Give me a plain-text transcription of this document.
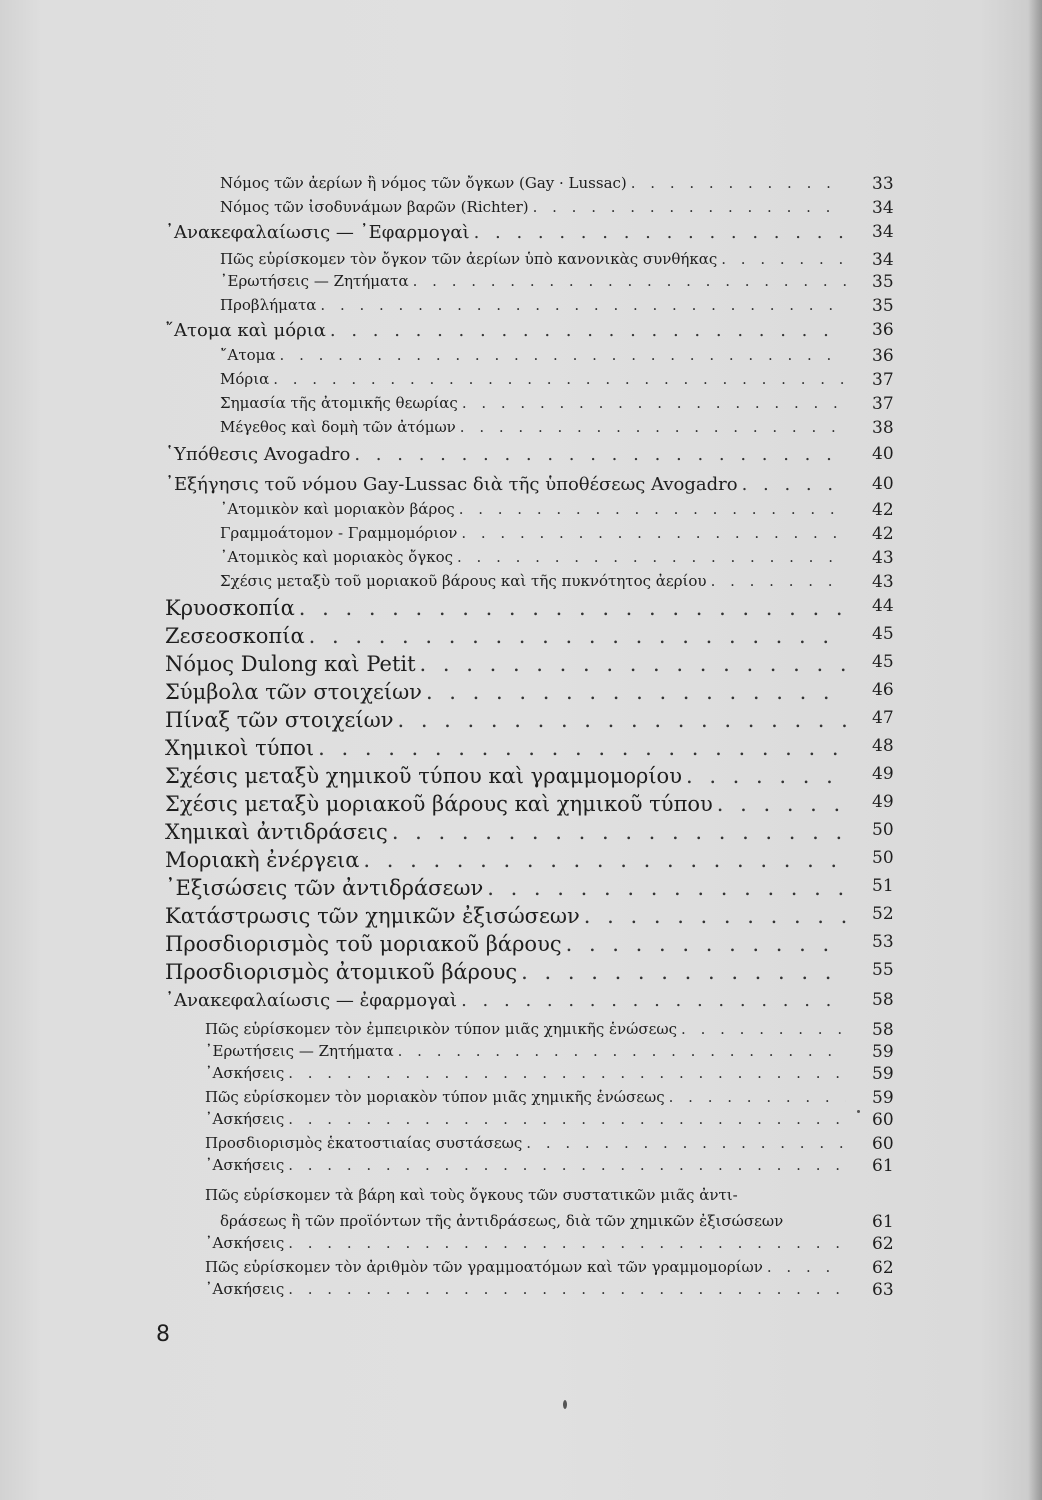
Νόμος τῶν ἀερίων ἢ νόμος τῶν ὄγκων (Gay · Lussac) . . .	33
Νόμος τῶν ἰσοδυνάμων βαρῶν (Richter) . . .	34
᾿Ανακεφαλαίωσις — ᾿Εφαρμογαὶ . . .	34
Πῶς εὑρίσκομεν τὸν ὄγκον τῶν ἀερίων ὑπὸ κανονικὰς συνθήκας . . .	34
᾿Ερωτήσεις — Ζητήματα . . .	35
Προβλήματα . . .	35
῎Ατομα καὶ μόρια . . .	36
῎Ατομα . . .	36
Μόρια . . .	37
Σημασία τῆς ἀτομικῆς θεωρίας . . .	37
Μέγεθος καὶ δομὴ τῶν ἀτόμων . . .	38
῾Υπόθεσις Avogadro . . .	40
᾿Εξήγησις τοῦ νόμου Gay-Lussac διὰ τῆς ὑποθέσεως Avogadro . . .	40
᾿Ατομικὸν καὶ μοριακὸν βάρος . . .	42
Γραμμοάτομον - Γραμμομόριον . . .	42
᾿Ατομικὸς καὶ μοριακὸς ὄγκος . . .	43
Σχέσις μεταξὺ τοῦ μοριακοῦ βάρους καὶ τῆς πυκνότητος ἀερίου . . .	43
Κρυοσκοπία . . .	44
Ζεσεοσκοπία . . .	45
Νόμος Dulong καὶ Petit . . .	45
Σύμβολα τῶν στοιχείων . . .	46
Πίναξ τῶν στοιχείων . . .	47
Χημικοὶ τύποι . . .	48
Σχέσις μεταξὺ χημικοῦ τύπου καὶ γραμμομορίου . . .	49
Σχέσις μεταξὺ μοριακοῦ βάρους καὶ χημικοῦ τύπου . . .	49
Χημικαὶ ἀντιδράσεις . . .	50
Μοριακὴ ἐνέργεια . . .	50
᾿Εξισώσεις τῶν ἀντιδράσεων . . .	51
Κατάστρωσις τῶν χημικῶν ἐξισώσεων . . .	52
Προσδιορισμὸς τοῦ μοριακοῦ βάρους . . .	53
Προσδιορισμὸς ἀτομικοῦ βάρους . . .	55
᾿Ανακεφαλαίωσις — ἐφαρμογαὶ . . .	58
Πῶς εὑρίσκομεν τὸν ἐμπειρικὸν τύπον μιᾶς χημικῆς ἑνώσεως . . .	58
᾿Ερωτήσεις — Ζητήματα . . .	59
᾿Ασκήσεις . . .	59
Πῶς εὑρίσκομεν τὸν μοριακὸν τύπον μιᾶς χημικῆς ἑνώσεως . . .	59
᾿Ασκήσεις . . .	60
Προσδιορισμὸς ἑκατοστιαίας συστάσεως . . .	60
᾿Ασκήσεις . . .	61
Πῶς εὑρίσκομεν τὰ βάρη καὶ τοὺς ὄγκους τῶν συστατικῶν μιᾶς ἀντι-
δράσεως ἢ τῶν προϊόντων τῆς ἀντιδράσεως, διὰ τῶν χημικῶν ἐξισώσεων	61
᾿Ασκήσεις . . .	62
Πῶς εὑρίσκομεν τὸν ἀριθμὸν τῶν γραμμοατόμων καὶ τῶν γραμμομορίων . . .	62
᾿Ασκήσεις . . .	63
8
